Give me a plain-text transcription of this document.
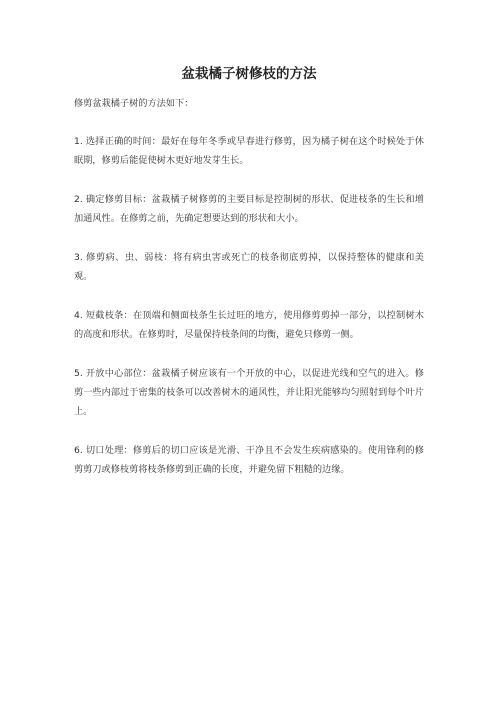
盆栽橘子树修枝的方法

修剪盆栽橘子树的方法如下：

1. 选择正确的时间：最好在每年冬季或早春进行修剪，因为橘子树在这个时候处于休眠期，修剪后能促使树木更好地发芽生长。

2. 确定修剪目标：盆栽橘子树修剪的主要目标是控制树的形状、促进枝条的生长和增加通风性。在修剪之前，先确定想要达到的形状和大小。

3. 修剪病、虫、弱枝：将有病虫害或死亡的枝条彻底剪掉，以保持整体的健康和美观。

4. 短截枝条：在顶端和侧面枝条生长过旺的地方，使用修剪剪掉一部分，以控制树木的高度和形状。在修剪时，尽量保持枝条间的均衡，避免只修剪一侧。

5. 开放中心部位：盆栽橘子树应该有一个开放的中心，以促进光线和空气的进入。修剪一些内部过于密集的枝条可以改善树木的通风性，并让阳光能够均匀照射到每个叶片上。

6. 切口处理：修剪后的切口应该是光滑、干净且不会发生疾病感染的。使用锋利的修剪剪刀或修枝剪将枝条修剪到正确的长度，并避免留下粗糙的边缘。
